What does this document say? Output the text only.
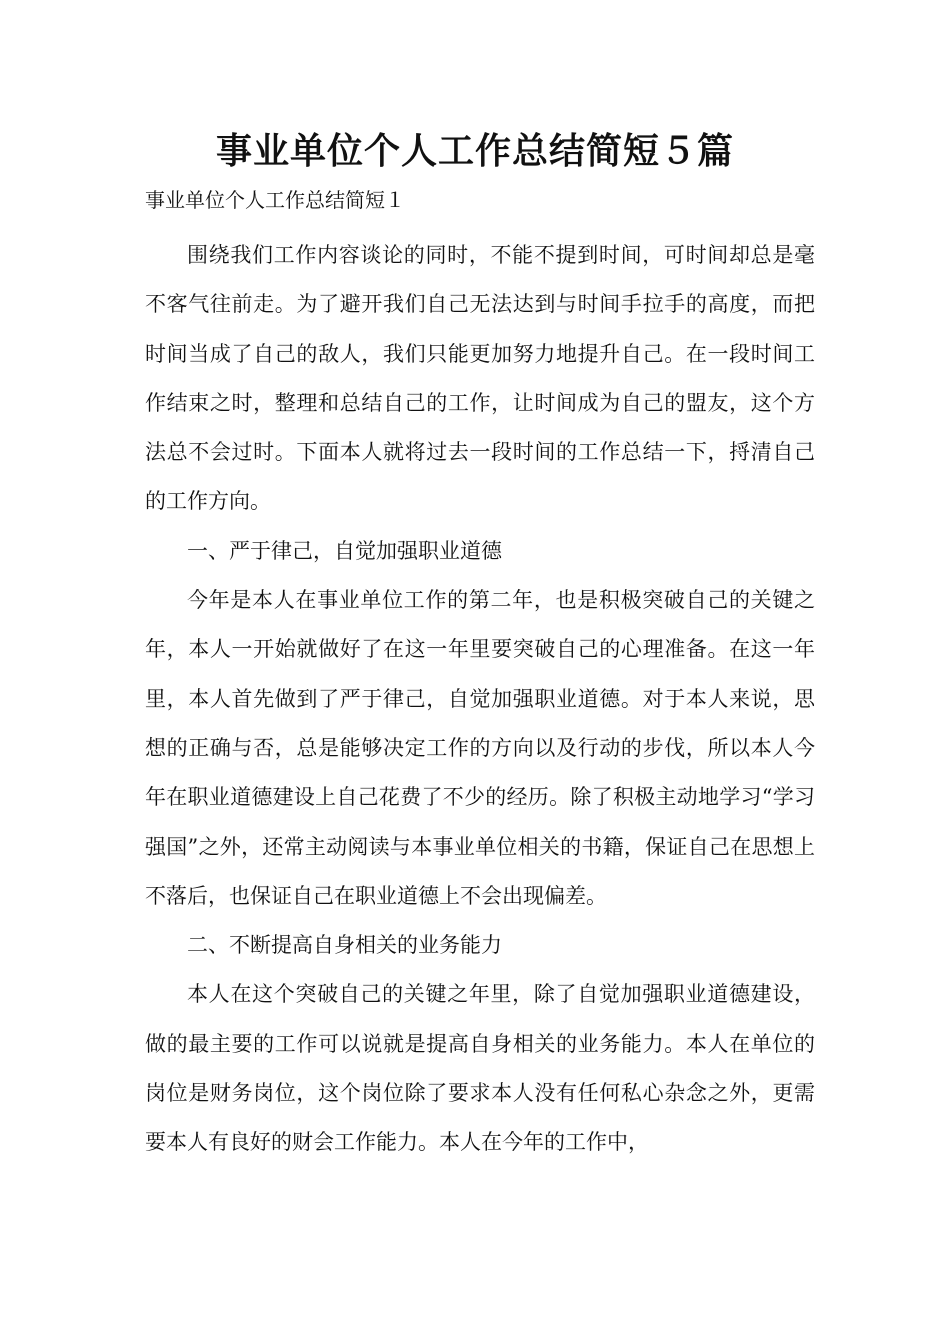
事业单位个人工作总结简短５篇

事业单位个人工作总结简短１

围绕我们工作内容谈论的同时，不能不提到时间，可时间却总是毫不客气往前走。为了避开我们自己无法达到与时间手拉手的高度，而把时间当成了自己的敌人，我们只能更加努力地提升自己。在一段时间工作结束之时，整理和总结自己的工作，让时间成为自己的盟友，这个方法总不会过时。下面本人就将过去一段时间的工作总结一下，捋清自己的工作方向。

一、严于律己，自觉加强职业道德

今年是本人在事业单位工作的第二年，也是积极突破自己的关键之年，本人一开始就做好了在这一年里要突破自己的心理准备。在这一年里，本人首先做到了严于律己，自觉加强职业道德。对于本人来说，思想的正确与否，总是能够决定工作的方向以及行动的步伐，所以本人今年在职业道德建设上自己花费了不少的经历。除了积极主动地学习“学习强国”之外，还常主动阅读与本事业单位相关的书籍，保证自己在思想上不落后，也保证自己在职业道德上不会出现偏差。

二、不断提高自身相关的业务能力

本人在这个突破自己的关键之年里，除了自觉加强职业道德建设，做的最主要的工作可以说就是提高自身相关的业务能力。本人在单位的岗位是财务岗位，这个岗位除了要求本人没有任何私心杂念之外，更需要本人有良好的财会工作能力。本人在今年的工作中，
